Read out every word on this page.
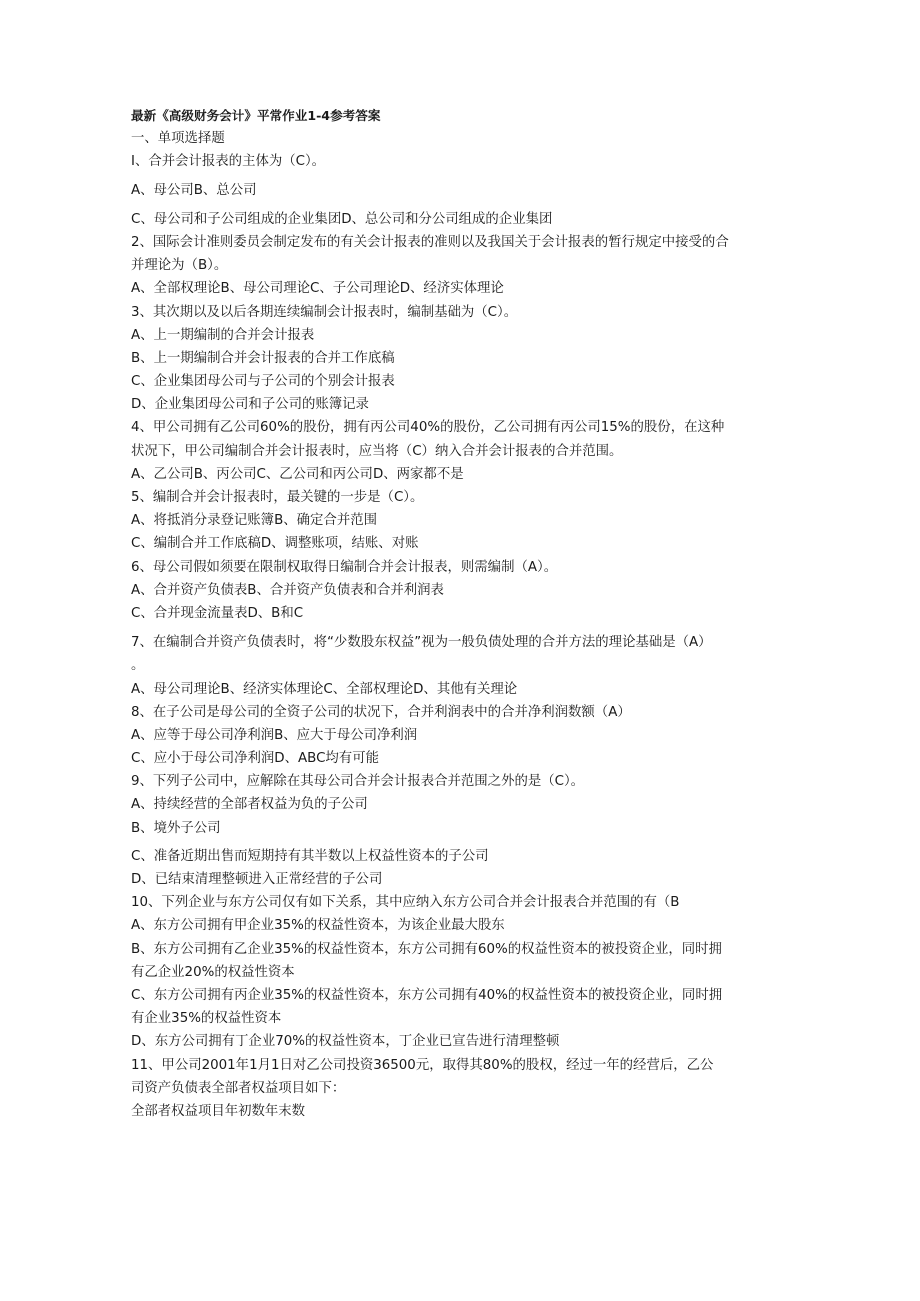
最新《高级财务会计》平常作业1-4参考答案
一、单项选择题
I、合并会计报表的主体为（C）。
A、母公司B、总公司
C、母公司和子公司组成的企业集团D、总公司和分公司组成的企业集团
2、国际会计准则委员会制定发布的有关会计报表的准则以及我国关于会计报表的暂行规定中接受的合
并理论为（B）。
A、全部权理论B、母公司理论C、子公司理论D、经济实体理论
3、其次期以及以后各期连续编制会计报表时，编制基础为（C）。
A、上一期编制的合并会计报表
B、上一期编制合并会计报表的合并工作底稿
C、企业集团母公司与子公司的个别会计报表
D、企业集团母公司和子公司的账簿记录
4、甲公司拥有乙公司60%的股份，拥有丙公司40%的股份，乙公司拥有丙公司15%的股份，在这种
状况下，甲公司编制合并会计报表时，应当将（C）纳入合并会计报表的合并范围。
A、乙公司B、丙公司C、乙公司和丙公司D、两家都不是
5、编制合并会计报表时，最关键的一步是（C）。
A、将抵消分录登记账簿B、确定合并范围
C、编制合并工作底稿D、调整账项，结账、对账
6、母公司假如须要在限制权取得日编制合并会计报表，则需编制（A）。
A、合并资产负债表B、合并资产负债表和合并利润表
C、合并现金流量表D、B和C
7、在编制合并资产负债表时，将“少数股东权益”视为一般负债处理的合并方法的理论基础是（A）
。
A、母公司理论B、经济实体理论C、全部权理论D、其他有关理论
8、在子公司是母公司的全资子公司的状况下，合并利润表中的合并净利润数额（A）
A、应等于母公司净利润B、应大于母公司净利润
C、应小于母公司净利润D、ABC均有可能
9、下列子公司中，应解除在其母公司合并会计报表合并范围之外的是（C）。
A、持续经营的全部者权益为负的子公司
B、境外子公司
C、准备近期出售而短期持有其半数以上权益性资本的子公司
D、已结束清理整顿进入正常经营的子公司
10、下列企业与东方公司仅有如下关系，其中应纳入东方公司合并会计报表合并范围的有（B
A、东方公司拥有甲企业35%的权益性资本，为该企业最大股东
B、东方公司拥有乙企业35%的权益性资本，东方公司拥有60%的权益性资本的被投资企业，同时拥
有乙企业20%的权益性资本
C、东方公司拥有丙企业35%的权益性资本，东方公司拥有40%的权益性资本的被投资企业，同时拥
有企业35%的权益性资本
D、东方公司拥有丁企业70%的权益性资本，丁企业已宣告进行清理整顿
11、甲公司2001年1月1日对乙公司投资36500元，取得其80%的股权，经过一年的经营后，乙公
司资产负债表全部者权益项目如下：
全部者权益项目年初数年末数
